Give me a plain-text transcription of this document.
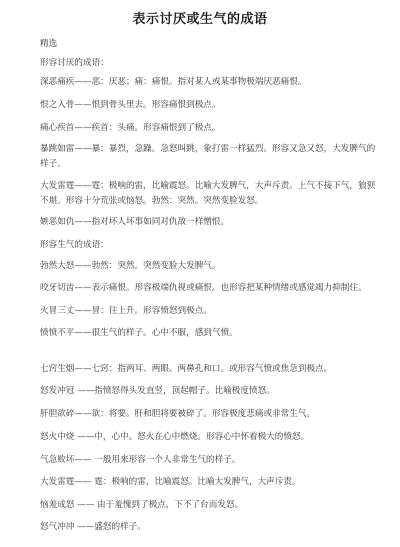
表示讨厌或生气的成语
精选
形容讨厌的成语：
深恶痛疾——恶：厌恶；痛：痛恨。指对某人或某事物极端厌恶痛恨。
恨之入骨——恨到骨头里去。形容痛恨到极点。
痛心疾首——疾首：头痛。形容痛恨到了极点。
暴跳如雷——暴：暴烈，急躁。急怒叫跳，象打雷一样猛烈。形容又急又怒，大发脾气的样子。
大发雷霆——霆：极响的雷，比喻震怒。比喻大发脾气，大声斥责。上气不接下气，狼狈不堪。形容十分荒张或恼怒。勃然：突然。突然变脸发怒。
嫉恶如仇——指对坏人坏事如同对仇敌一样憎恨。
形容生气的成语：
勃然大怒——勃然：突然。突然变脸大发脾气。
咬牙切齿——表示痛恨。形容极端仇视或痛恨。也形容把某种情绪或感觉竭力抑制住。
火冒三丈——冒：往上升。形容愤怒到极点。
愤愤不平——很生气的样子。心中不服，感到气愤。
七窍生烟——七窍：指两耳、两眼、两鼻孔和口。或形容气愤或焦急到极点。
怒发冲冠 ——指愤怒得头发直竖，顶起帽子。比喻极度愤怒。
肝胆欲碎——欲：将要。肝和胆将要被碎了。形容极度悲痛或非常生气。
怒火中烧 ——中，心中。怒火在心中燃烧。形容心中怀着极大的愤怒。
气急败坏—— 一般用来形容一个人非常生气的样子。
大发雷霆—— 霆：极响的雷，比喻震怒。比喻大发脾气，大声斥责。
恼羞成怒 —— 由于羞愧到了极点，下不了台而发怒。
怒气冲冲 ——盛怒的样子。
